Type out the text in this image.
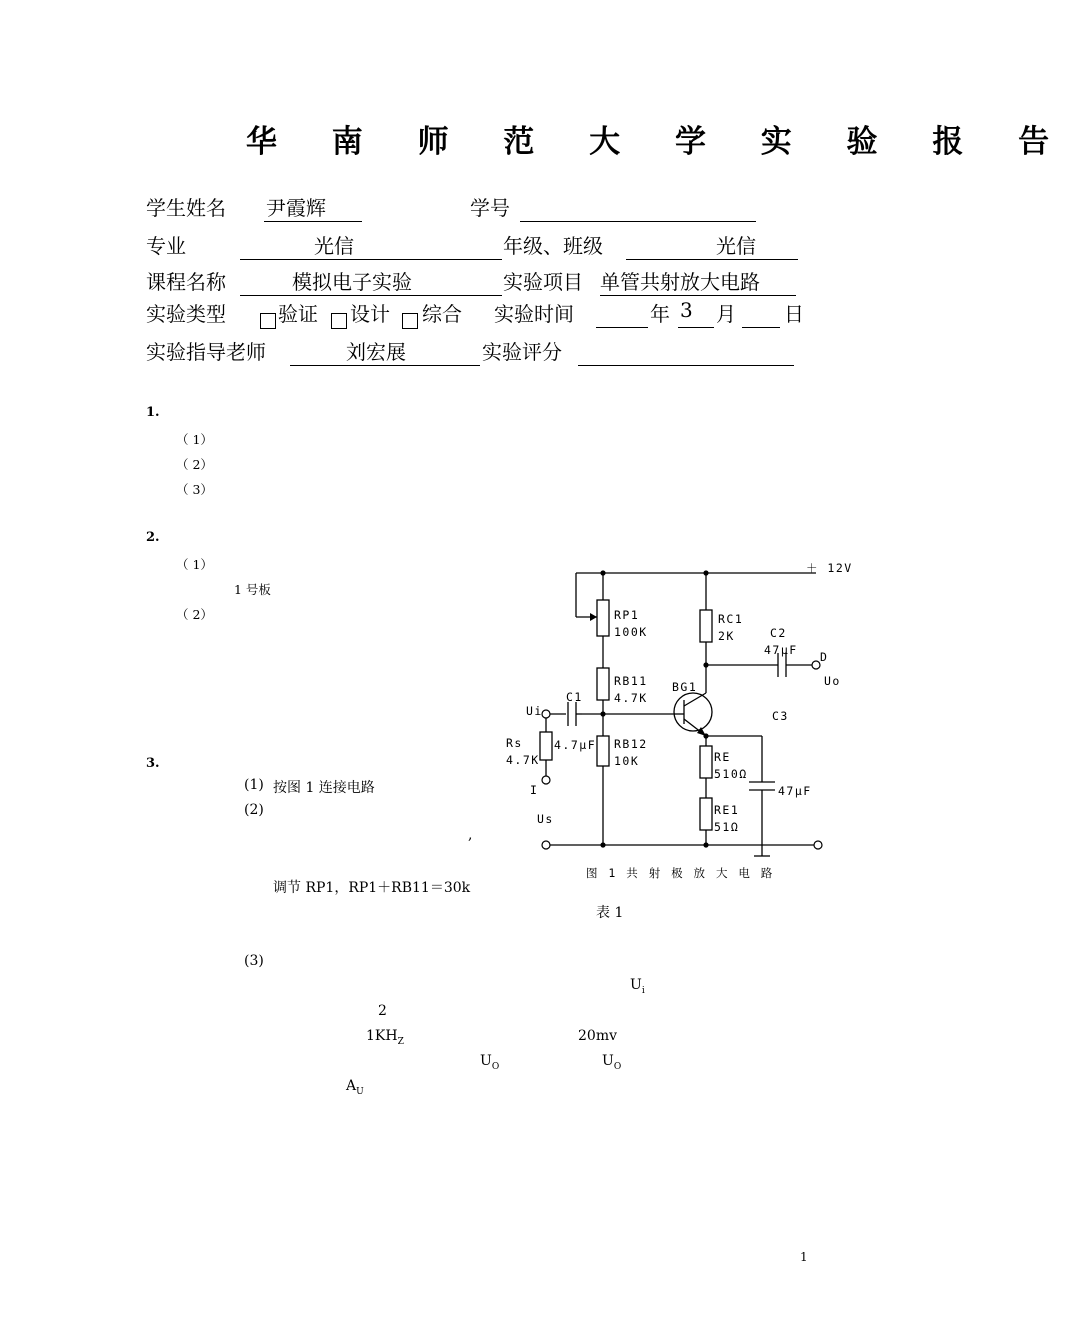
华 南 师 范 大 学 实 验 报 告
学生姓名 尹霞辉	学号
专业	光信	年级、班级	光信
课程名称	模拟电子实验	实验项目 单管共射放大电路
实验类型	验证 设计 综合 实验时间	年 3 月 日
实验指导老师	刘宏展	实验评分
1.
（ 1）
（ 2）
（ 3）
2.
（ 1）
1 号板
（ 2）
3.
(1) 按图 1 连接电路
(2)
,
调节 RP1，RP1＋RB11＝30k
表 1
(3)
$U_i$
2
$1KH_Z$	20mv
$U_O$	$U_O$
$A_U$
＋ 12V
RP1
100K
RC1
2K	C2
47μF D
Uo
RB11
4.7K
BG1
C1
Ui
4.7μF
C3
Rs
4.7K
RB12
10K	RE
510Ω
47μF
I
RE1
51Ω
Us
图 1 共 射 极 放 大 电 路
1
